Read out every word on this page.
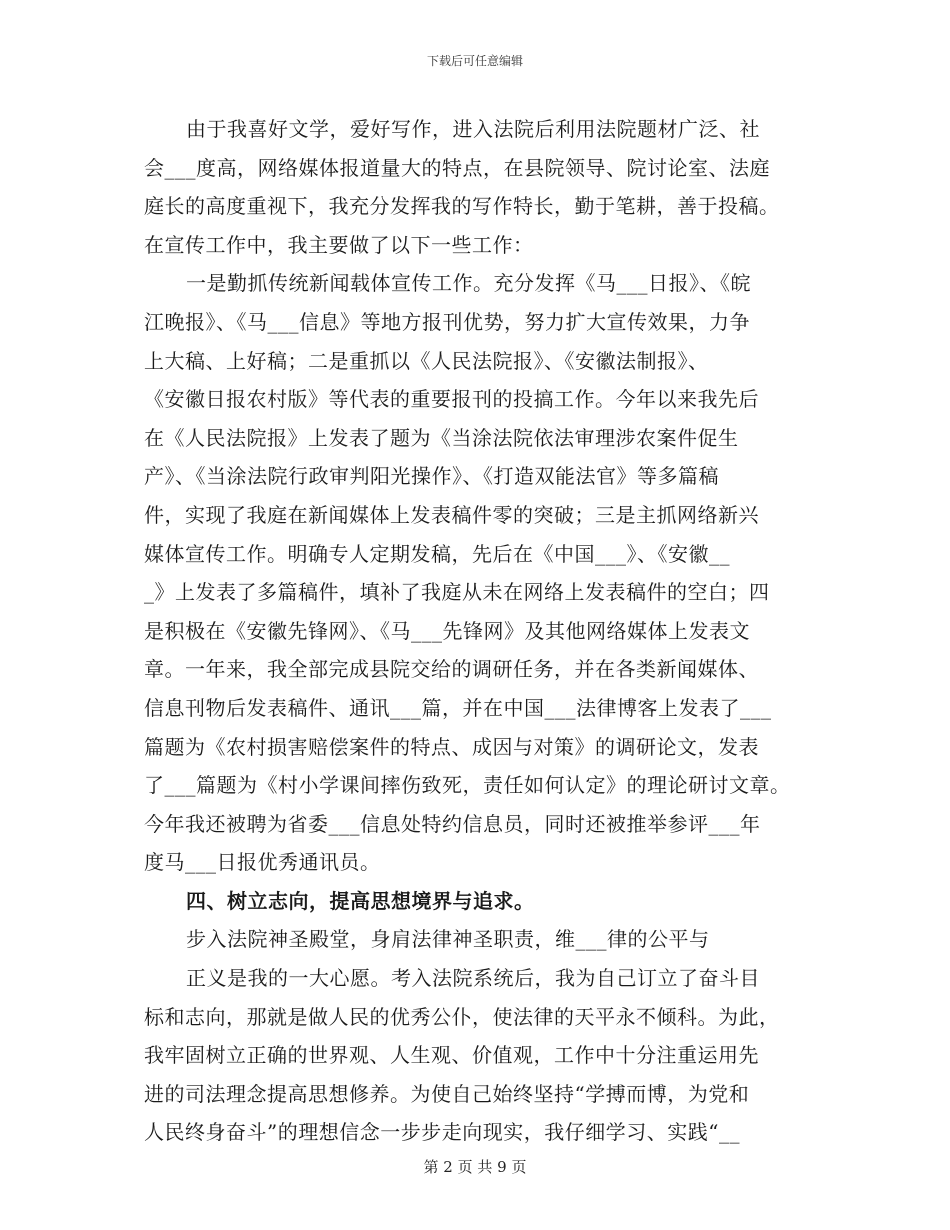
下载后可任意编辑
由于我喜好文学，爱好写作，进入法院后利用法院题材广泛、社
会___度高，网络媒体报道量大的特点，在县院领导、院讨论室、法庭
庭长的高度重视下，我充分发挥我的写作特长，勤于笔耕，善于投稿。
在宣传工作中，我主要做了以下一些工作：
一是勤抓传统新闻载体宣传工作。充分发挥《马___日报》、《皖
江晚报》、《马___信息》等地方报刊优势，努力扩大宣传效果，力争
上大稿、上好稿；二是重抓以《人民法院报》、《安徽法制报》、
《安徽日报农村版》等代表的重要报刊的投搞工作。今年以来我先后
在《人民法院报》上发表了题为《当涂法院依法审理涉农案件促生
产》、《当涂法院行政审判阳光操作》、《打造双能法官》等多篇稿
件，实现了我庭在新闻媒体上发表稿件零的突破；三是主抓网络新兴
媒体宣传工作。明确专人定期发稿，先后在《中国___》、《安徽__
_》上发表了多篇稿件，填补了我庭从未在网络上发表稿件的空白；四
是积极在《安徽先锋网》、《马___先锋网》及其他网络媒体上发表文
章。一年来，我全部完成县院交给的调研任务，并在各类新闻媒体、
信息刊物后发表稿件、通讯___篇，并在中国___法律博客上发表了___
篇题为《农村损害赔偿案件的特点、成因与对策》的调研论文，发表
了___篇题为《村小学课间摔伤致死，责任如何认定》的理论研讨文章。
今年我还被聘为省委___信息处特约信息员，同时还被推举参评___年
度马___日报优秀通讯员。
四、树立志向，提高思想境界与追求。
步入法院神圣殿堂，身肩法律神圣职责，维___律的公平与
正义是我的一大心愿。考入法院系统后，我为自己订立了奋斗目
标和志向，那就是做人民的优秀公仆，使法律的天平永不倾科。为此，
我牢固树立正确的世界观、人生观、价值观，工作中十分注重运用先
进的司法理念提高思想修养。为使自己始终坚持“学搏而博，为党和
人民终身奋斗”的理想信念一步步走向现实，我仔细学习、实践“__
第 2 页 共 9 页
